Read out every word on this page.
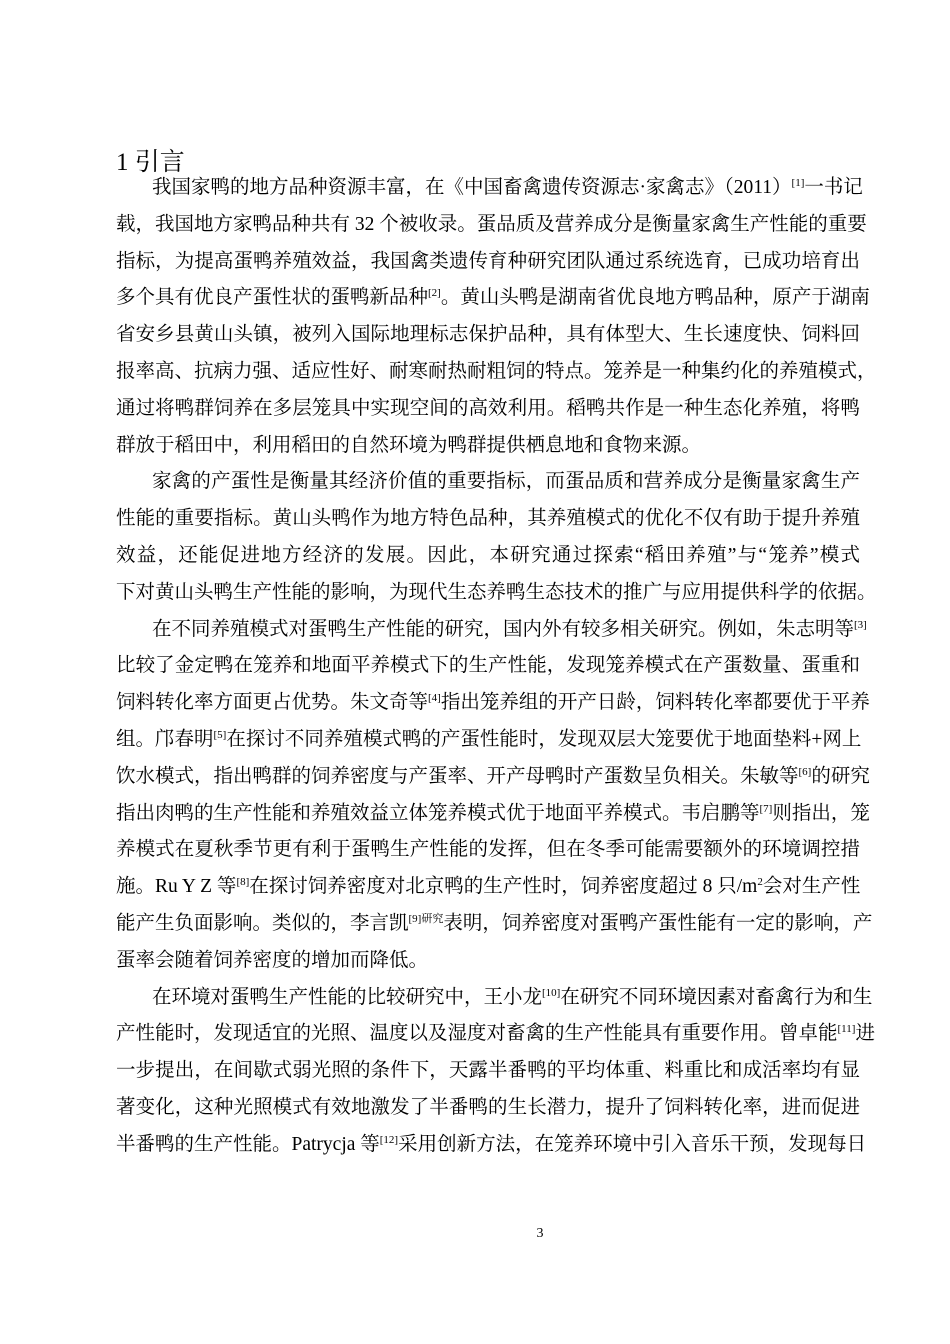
1 引言
我国家鸭的地方品种资源丰富，在《中国畜禽遗传资源志·家禽志》（2011）[1]一书记
载，我国地方家鸭品种共有 32 个被收录。蛋品质及营养成分是衡量家禽生产性能的重要
指标，为提高蛋鸭养殖效益，我国禽类遗传育种研究团队通过系统选育，已成功培育出
多个具有优良产蛋性状的蛋鸭新品种[2]。黄山头鸭是湖南省优良地方鸭品种，原产于湖南
省安乡县黄山头镇，被列入国际地理标志保护品种，具有体型大、生长速度快、饲料回
报率高、抗病力强、适应性好、耐寒耐热耐粗饲的特点。笼养是一种集约化的养殖模式，
通过将鸭群饲养在多层笼具中实现空间的高效利用。稻鸭共作是一种生态化养殖，将鸭
群放于稻田中，利用稻田的自然环境为鸭群提供栖息地和食物来源。
家禽的产蛋性是衡量其经济价值的重要指标，而蛋品质和营养成分是衡量家禽生产
性能的重要指标。黄山头鸭作为地方特色品种，其养殖模式的优化不仅有助于提升养殖
效益，还能促进地方经济的发展。因此，本研究通过探索“稻田养殖”与“笼养”模式
下对黄山头鸭生产性能的影响，为现代生态养鸭生态技术的推广与应用提供科学的依据。
在不同养殖模式对蛋鸭生产性能的研究，国内外有较多相关研究。例如，朱志明等[3]
比较了金定鸭在笼养和地面平养模式下的生产性能，发现笼养模式在产蛋数量、蛋重和
饲料转化率方面更占优势。朱文奇等[4]指出笼养组的开产日龄，饲料转化率都要优于平养
组。邝春明[5]在探讨不同养殖模式鸭的产蛋性能时，发现双层大笼要优于地面垫料+网上
饮水模式，指出鸭群的饲养密度与产蛋率、开产母鸭时产蛋数呈负相关。朱敏等[6]的研究
指出肉鸭的生产性能和养殖效益立体笼养模式优于地面平养模式。韦启鹏等[7]则指出，笼
养模式在夏秋季节更有利于蛋鸭生产性能的发挥，但在冬季可能需要额外的环境调控措
施。Ru Y Z 等[8]在探讨饲养密度对北京鸭的生产性时，饲养密度超过 8 只$/m^2$会对生产性
能产生负面影响。类似的，李言凯$^{[9]研究}$表明，饲养密度对蛋鸭产蛋性能有一定的影响，产
蛋率会随着饲养密度的增加而降低。
在环境对蛋鸭生产性能的比较研究中，王小龙[10]在研究不同环境因素对畜禽行为和生
产性能时，发现适宜的光照、温度以及湿度对畜禽的生产性能具有重要作用。曾卓能[11]进
一步提出，在间歇式弱光照的条件下，天露半番鸭的平均体重、料重比和成活率均有显
著变化，这种光照模式有效地激发了半番鸭的生长潜力，提升了饲料转化率，进而促进
半番鸭的生产性能。Patrycja 等[12]采用创新方法，在笼养环境中引入音乐干预，发现每日
3
